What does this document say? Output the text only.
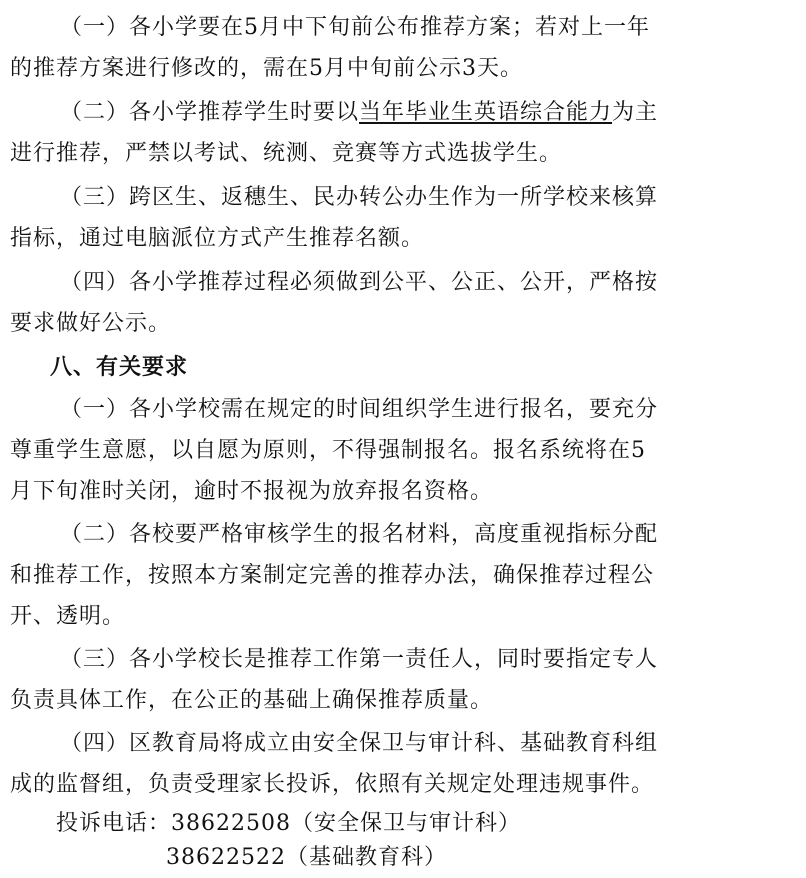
（一）各小学要在5月中下旬前公布推荐方案；若对上一年
的推荐方案进行修改的，需在5月中旬前公示3天。
（二）各小学推荐学生时要以当年毕业生英语综合能力为主
进行推荐，严禁以考试、统测、竞赛等方式选拔学生。
（三）跨区生、返穗生、民办转公办生作为一所学校来核算
指标，通过电脑派位方式产生推荐名额。
（四）各小学推荐过程必须做到公平、公正、公开，严格按
要求做好公示。
八、有关要求
（一）各小学校需在规定的时间组织学生进行报名，要充分
尊重学生意愿，以自愿为原则，不得强制报名。报名系统将在5
月下旬准时关闭，逾时不报视为放弃报名资格。
（二）各校要严格审核学生的报名材料，高度重视指标分配
和推荐工作，按照本方案制定完善的推荐办法，确保推荐过程公
开、透明。
（三）各小学校长是推荐工作第一责任人，同时要指定专人
负责具体工作，在公正的基础上确保推荐质量。
（四）区教育局将成立由安全保卫与审计科、基础教育科组
成的监督组，负责受理家长投诉，依照有关规定处理违规事件。
投诉电话：38622508（安全保卫与审计科）
38622522（基础教育科）
